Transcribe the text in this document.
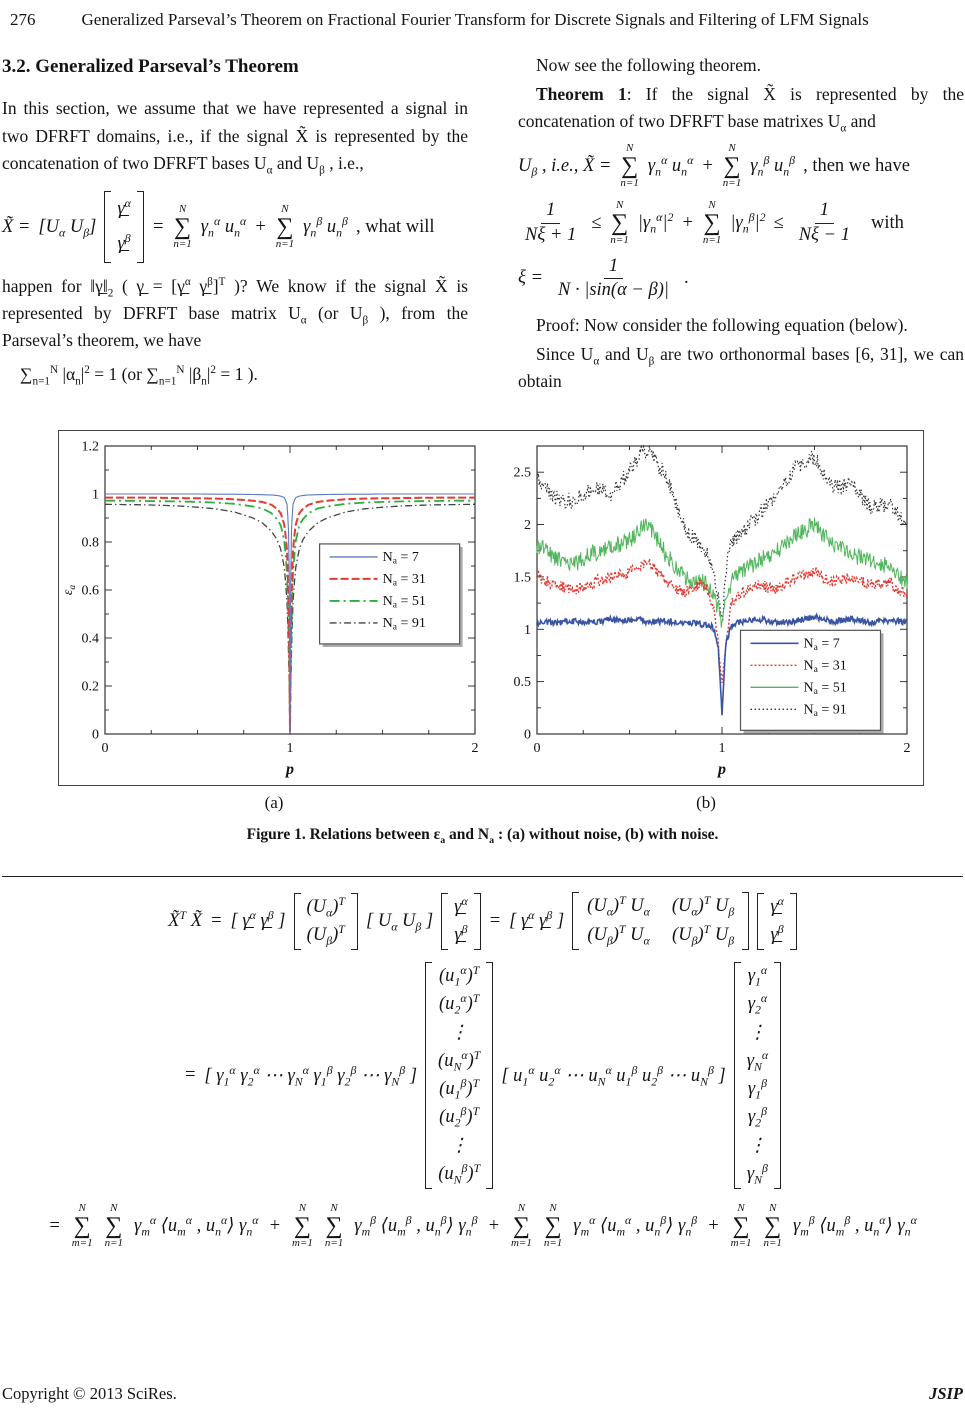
276	Generalized Parseval’s Theorem on Fractional Fourier Transform for Discrete Signals and Filtering of LFM Signals
3.2. Generalized Parseval’s Theorem

In this section, we assume that we have represented a signal in two DFRFT domains, i.e., if the signal X̃ is represented by the concatenation of two DFRFT bases $U_\alpha$ and $U_\beta$ , i.e.,

X̃ = [$U_\alpha$ $U_\beta$]
γ̲$^\alpha$
γ̲$^\beta$
=
N
∑
n=1
$\gamma_n^\alpha$ $u_n^\alpha$ +
N
∑
n=1
$\gamma_n^\beta$ $u_n^\beta$ , what will

happen for $‖\gamma̲‖_2$ ( γ̲ = [γ̲$^\alpha$ γ̲$^\beta$]$^T$ )? We know if the signal X̃ is represented by DFRFT base matrix $U_\alpha$ (or $U_\beta$ ), from the Parseval’s theorem, we have

$\sum_{n=1}^N$ $|\alpha_n|^2 = 1$ (or $\sum_{n=1}^N$ $|\beta_n|^2 = 1$ ).

Now see the following theorem.

Theorem 1: If the signal X̃ is represented by the concatenation of two DFRFT base matrixes $U_\alpha$ and

$U_\beta$ , i.e., X̃ =
N
∑
n=1
$\gamma_n^\alpha$ $u_n^\alpha$ +
N
∑
n=1
$\gamma_n^\beta$ $u_n^\beta$ , then we have
$\frac{1}{N\xi + 1}$ ≤
N
∑
n=1
$|\gamma_n^\alpha|^2$ +
N
∑
n=1
$|\gamma_n^\beta|^2 \le \frac{1}{N\xi - 1}$ with
$\xi = \frac{1}{N \cdot |\sin(\alpha - \beta)|}$ .

Proof: Now consider the following equation (below).

Since $U_\alpha$ and $U_\beta$ are two orthonormal bases [6, 31], we can obtain

0	1	2
0
0.2
0.4
0.6
0.8
1
1.2
p
$\varepsilon_a$
$N_a = 7$
$N_a = 31$
$N_a = 51$
$N_a = 91$
0	1	2
0
0.5
1
1.5
2
2.5
p
$N_a = 7$
$N_a = 31$
$N_a = 51$
$N_a = 91$
(a)	(b)
Figure 1. Relations between $\varepsilon_a$ and $N_a$ : (a) without noise, (b) with noise.
X̃$^T$ X̃ = [ γ̲$^\alpha$ γ̲$^\beta$ ]
$(U_\alpha)^T$
$(U_\beta)^T$ [ $U_\alpha$ $U_\beta$ ]
γ̲$^\alpha$
γ̲$^\beta$ = [ γ̲$^\alpha$ γ̲$^\beta$ ]
$(U_\alpha)^T$ $U_\alpha$ $(U_\alpha)^T$ $U_\beta$
$(U_\beta)^T$ $U_\alpha$ $(U_\beta)^T$ $U_\beta$
γ̲$^\alpha$
γ̲$^\beta$
= [ $\gamma_1^\alpha$ $\gamma_2^\alpha$ ⋯ $\gamma_N^\alpha$ $\gamma_1^\beta$ $\gamma_2^\beta$ ⋯ $\gamma_N^\beta$ ]
$(u_1^\alpha)^T$
$(u_2^\alpha)^T$
⋮
$(u_N^\alpha)^T$
$(u_1^\beta)^T$
$(u_2^\beta)^T$
⋮
$(u_N^\beta)^T$
[ $u_1^\alpha$ $u_2^\alpha$ ⋯ $u_N^\alpha$ $u_1^\beta$ $u_2^\beta$ ⋯ $u_N^\beta$ ]
$\gamma_1^\alpha$
$\gamma_2^\alpha$
⋮
$\gamma_N^\alpha$
$\gamma_1^\beta$
$\gamma_2^\beta$
⋮
$\gamma_N^\beta$
=
N
∑
m=1
N
∑
n=1
$\gamma_m^\alpha$ $⟨u_m^\alpha$ , $u_n^\alpha⟩$ $\gamma_n^\alpha$ +
N
∑
m=1
N
∑
n=1
$\gamma_m^\beta$ $⟨u_m^\beta$ , $u_n^\beta⟩$ $\gamma_n^\beta$ +
N
∑
m=1
N
∑
n=1
$\gamma_m^\alpha$ $⟨u_m^\alpha$ , $u_n^\beta⟩$ $\gamma_n^\beta$ +
N
∑
m=1
N
∑
n=1
$\gamma_m^\beta$ $⟨u_m^\beta$ , $u_n^\alpha⟩$ $\gamma_n^\alpha$
Copyright © 2013 SciRes.	JSIP
